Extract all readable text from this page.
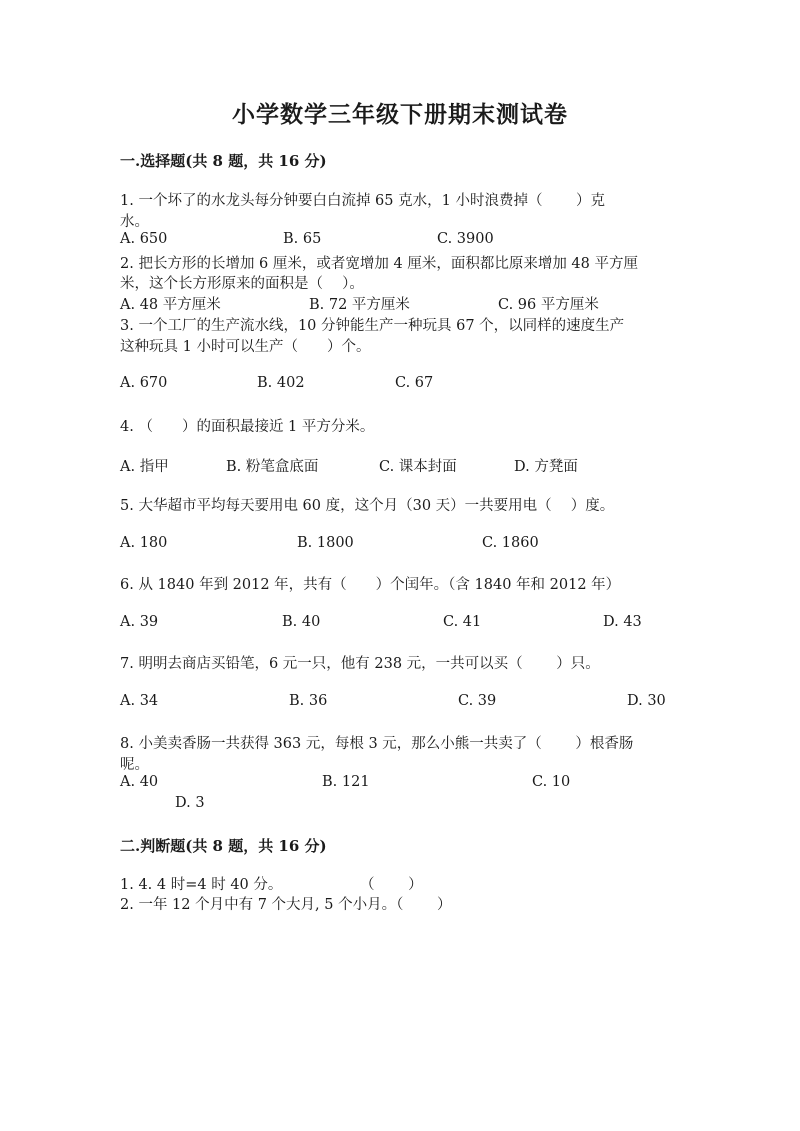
小学数学三年级下册期末测试卷
一.选择题(共 8 题，共 16 分)
1. 一个坏了的水龙头每分钟要白白流掉 65 克水，1 小时浪费掉（　　 ）克
水。
A. 650	B. 65	C. 3900
2. 把长方形的长增加 6 厘米，或者宽增加 4 厘米，面积都比原来增加 48 平方厘
米，这个长方形原来的面积是（　 ）。
A. 48 平方厘米	B. 72 平方厘米	C. 96 平方厘米
3. 一个工厂的生产流水线，10 分钟能生产一种玩具 67 个，以同样的速度生产
这种玩具 1 小时可以生产（　　）个。
A. 670	B. 402	C. 67
4. （　　）的面积最接近 1 平方分米。
A. 指甲	B. 粉笔盒底面	C. 课本封面	D. 方凳面
5. 大华超市平均每天要用电 60 度，这个月（30 天）一共要用电（　 ）度。
A. 180	B. 1800	C. 1860
6. 从 1840 年到 2012 年，共有（　　）个闰年。（含 1840 年和 2012 年）
A. 39	B. 40	C. 41	D. 43
7. 明明去商店买铅笔，6 元一只，他有 238 元，一共可以买（　　 ）只。
A. 34	B. 36	C. 39	D. 30
8. 小美卖香肠一共获得 363 元，每根 3 元，那么小熊一共卖了（　　 ）根香肠
呢。
A. 40	B. 121	C. 10
D. 3
二.判断题(共 8 题，共 16 分)
1. 4. 4 时=4 时 40 分。	（　　 ）
2. 一年 12 个月中有 7 个大月, 5 个小月。（　　 ）
